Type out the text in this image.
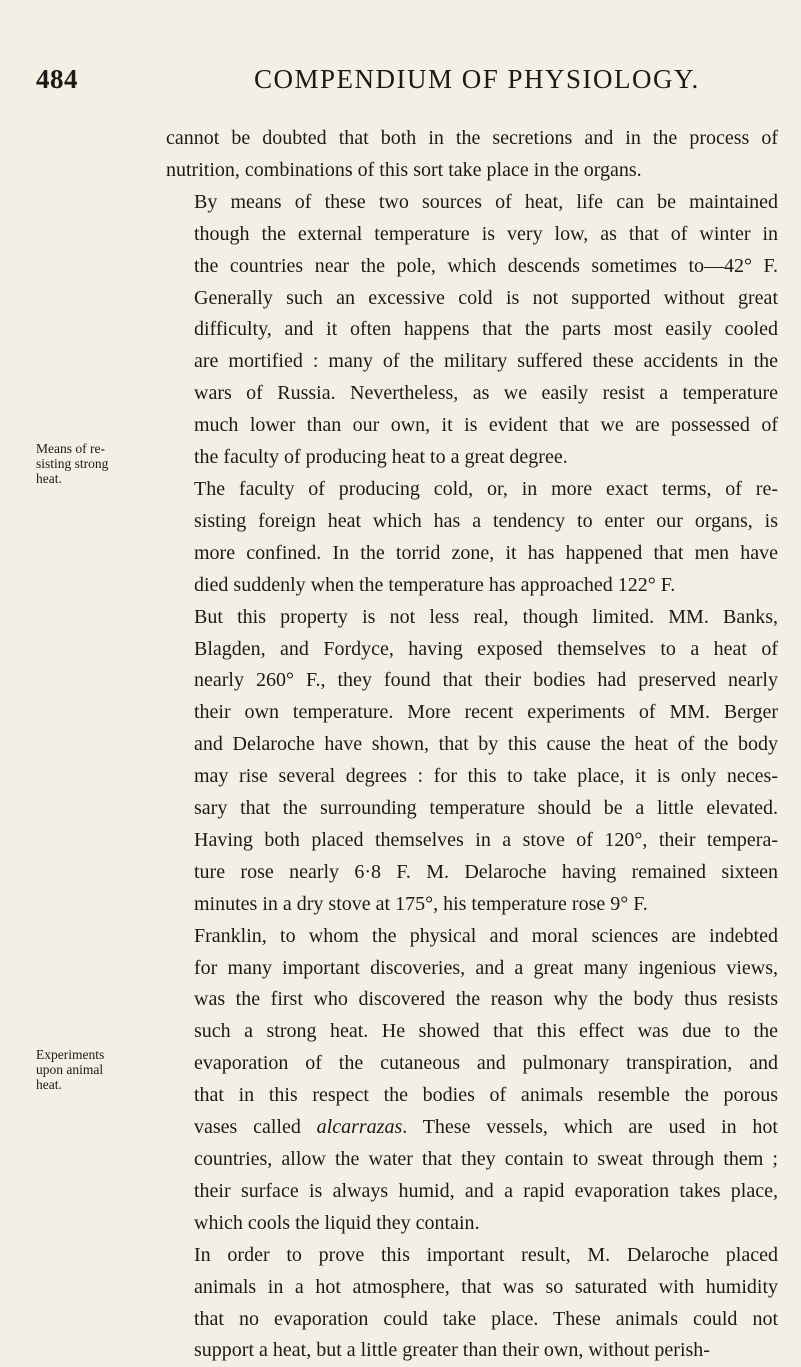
484	COMPENDIUM OF PHYSIOLOGY.
Means of re-
sisting strong
heat.
Experiments
upon animal
heat.

cannot be doubted that both in the secretions and in the process of
nutrition, combinations of this sort take place in the organs.

By means of these two sources of heat, life can be maintained
though the external temperature is very low, as that of winter in
the countries near the pole, which descends sometimes to—42° F.
Generally such an excessive cold is not supported without great
difficulty, and it often happens that the parts most easily cooled
are mortified : many of the military suffered these accidents in the
wars of Russia. Nevertheless, as we easily resist a temperature
much lower than our own, it is evident that we are possessed of
the faculty of producing heat to a great degree.

The faculty of producing cold, or, in more exact terms, of re-
sisting foreign heat which has a tendency to enter our organs, is
more confined. In the torrid zone, it has happened that men have
died suddenly when the temperature has approached 122° F.

But this property is not less real, though limited. MM. Banks,
Blagden, and Fordyce, having exposed themselves to a heat of
nearly 260° F., they found that their bodies had preserved nearly
their own temperature. More recent experiments of MM. Berger
and Delaroche have shown, that by this cause the heat of the body
may rise several degrees : for this to take place, it is only neces-
sary that the surrounding temperature should be a little elevated.
Having both placed themselves in a stove of 120°, their tempera-
ture rose nearly 6·8 F. M. Delaroche having remained sixteen
minutes in a dry stove at 175°, his temperature rose 9° F.

Franklin, to whom the physical and moral sciences are indebted
for many important discoveries, and a great many ingenious views,
was the first who discovered the reason why the body thus resists
such a strong heat. He showed that this effect was due to the
evaporation of the cutaneous and pulmonary transpiration, and
that in this respect the bodies of animals resemble the porous
vases called alcarrazas. These vessels, which are used in hot
countries, allow the water that they contain to sweat through them ;
their surface is always humid, and a rapid evaporation takes place,
which cools the liquid they contain.

In order to prove this important result, M. Delaroche placed
animals in a hot atmosphere, that was so saturated with humidity
that no evaporation could take place. These animals could not
support a heat, but a little greater than their own, without perish-
